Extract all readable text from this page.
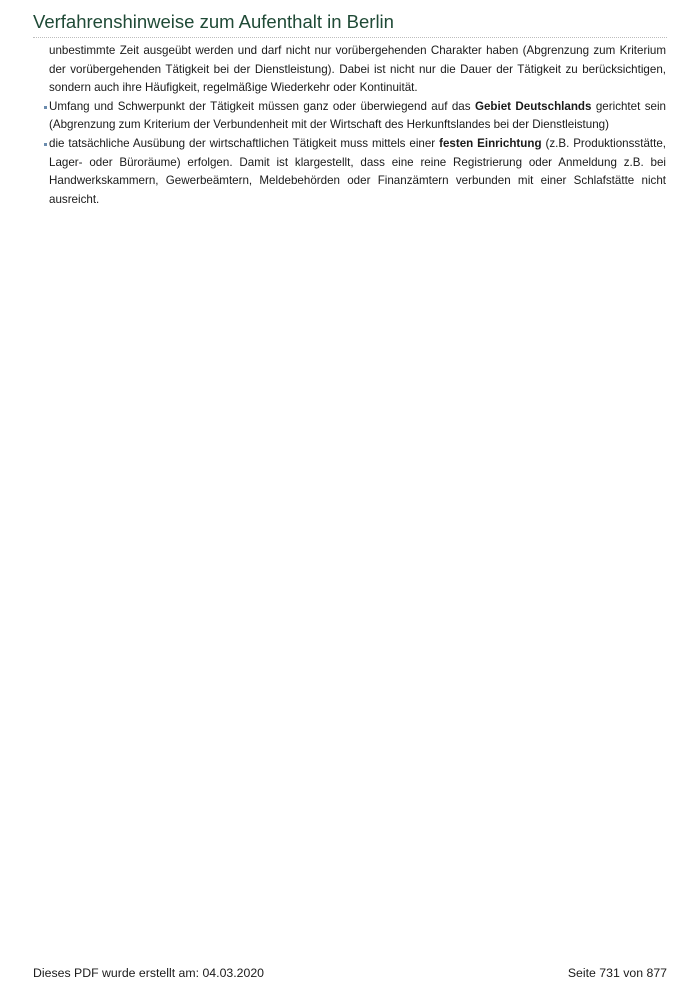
Verfahrenshinweise zum Aufenthalt in Berlin

unbestimmte Zeit ausgeübt werden und darf nicht nur vorübergehenden Charakter haben (Abgrenzung zum Kriterium der vorübergehenden Tätigkeit bei der Dienstleistung). Dabei ist nicht nur die Dauer der Tätigkeit zu berücksichtigen, sondern auch ihre Häufigkeit, regelmäßige Wiederkehr oder Kontinuität.

Umfang und Schwerpunkt der Tätigkeit müssen ganz oder überwiegend auf das Gebiet Deutschlands gerichtet sein (Abgrenzung zum Kriterium der Verbundenheit mit der Wirtschaft des Herkunftslandes bei der Dienstleistung)
die tatsächliche Ausübung der wirtschaftlichen Tätigkeit muss mittels einer festen Einrichtung (z.B. Produktionsstätte, Lager- oder Büroräume) erfolgen. Damit ist klargestellt, dass eine reine Registrierung oder Anmeldung z.B. bei Handwerkskammern, Gewerbeämtern, Meldebehörden oder Finanzämtern verbunden mit einer Schlafstätte nicht ausreicht.
Dieses PDF wurde erstellt am: 04.03.2020	Seite 731 von 877
